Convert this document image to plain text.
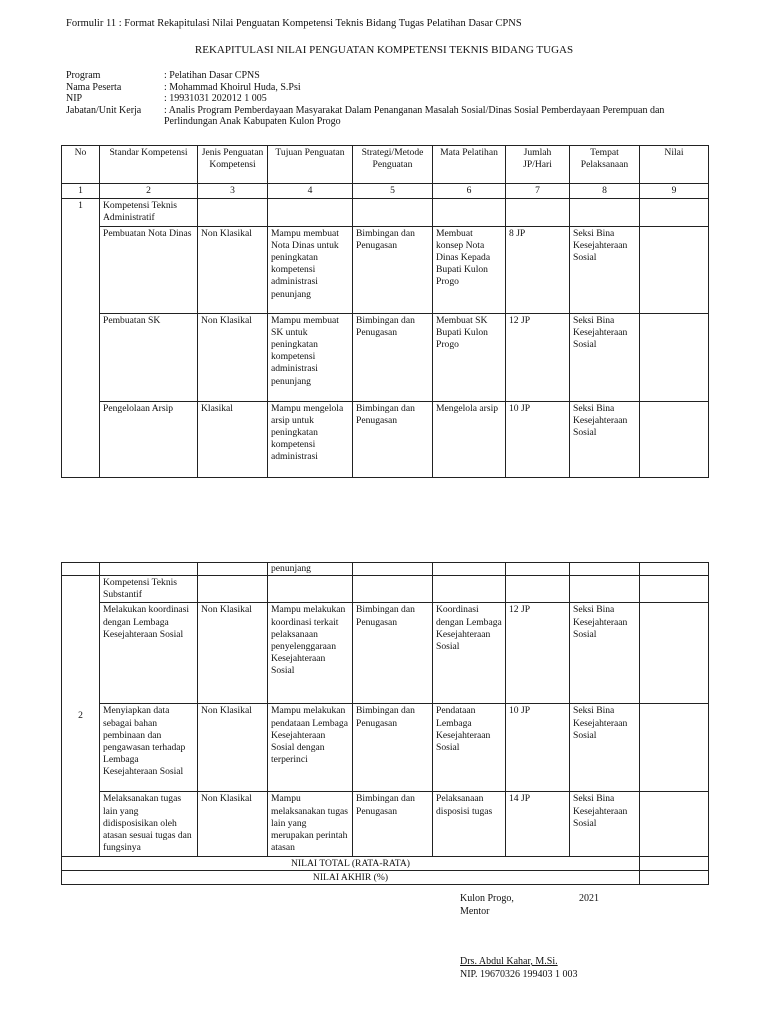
Formulir 11 : Format Rekapitulasi Nilai Penguatan Kompetensi Teknis Bidang Tugas Pelatihan Dasar CPNS
REKAPITULASI NILAI PENGUATAN KOMPETENSI TEKNIS BIDANG TUGAS
Program	: Pelatihan Dasar CPNS
Nama Peserta	: Mohammad Khoirul Huda, S.Psi
NIP	: 19931031 202012 1 005
Jabatan/Unit Kerja	: Analis Program Pemberdayaan Masyarakat Dalam Penanganan Masalah Sosial/Dinas Sosial Pemberdayaan Perempuan dan Perlindungan Anak Kabupaten Kulon Progo
No	Standar Kompetensi	Jenis Penguatan Kompetensi	Tujuan Penguatan	Strategi/Metode Penguatan	Mata Pelatihan	Jumlah JP/Hari	Tempat Pelaksanaan	Nilai
1	2	3	4	5	6	7	8	9
1	Kompetensi Teknis Administratif							
	Pembuatan Nota Dinas	Non Klasikal	Mampu membuat Nota Dinas untuk peningkatan kompetensi administrasi penunjang	Bimbingan dan Penugasan	Membuat konsep Nota Dinas Kepada Bupati Kulon Progo	8 JP	Seksi Bina Kesejahteraan Sosial	
	Pembuatan SK	Non Klasikal	Mampu membuat SK untuk peningkatan kompetensi administrasi penunjang	Bimbingan dan Penugasan	Membuat SK Bupati Kulon Progo	12 JP	Seksi Bina Kesejahteraan Sosial	
	Pengelolaan Arsip	Klasikal	Mampu mengelola arsip untuk peningkatan kompetensi administrasi	Bimbingan dan Penugasan	Mengelola arsip	10 JP	Seksi Bina Kesejahteraan Sosial	
			penunjang					
2	Kompetensi Teknis Substantif							
	Melakukan koordinasi dengan Lembaga Kesejahteraan Sosial	Non Klasikal	Mampu melakukan koordinasi terkait pelaksanaan penyelenggaraan Kesejahteraan Sosial	Bimbingan dan Penugasan	Koordinasi dengan Lembaga Kesejahteraan Sosial	12 JP	Seksi Bina Kesejahteraan Sosial	
	Menyiapkan data sebagai bahan pembinaan dan pengawasan terhadap Lembaga Kesejahteraan Sosial	Non Klasikal	Mampu melakukan pendataan Lembaga Kesejahteraan Sosial dengan terperinci	Bimbingan dan Penugasan	Pendataan Lembaga Kesejahteraan Sosial	10 JP	Seksi Bina Kesejahteraan Sosial	
	Melaksanakan tugas lain yang didisposisikan oleh atasan sesuai tugas dan fungsinya	Non Klasikal	Mampu melaksanakan tugas lain yang merupakan perintah atasan	Bimbingan dan Penugasan	Pelaksanaan disposisi tugas	14 JP	Seksi Bina Kesejahteraan Sosial	
NILAI TOTAL (RATA-RATA)								
NILAI AKHIR (%)								
Kulon Progo,	2021
Mentor
Drs. Abdul Kahar, M.Si.
NIP. 19670326 199403 1 003
